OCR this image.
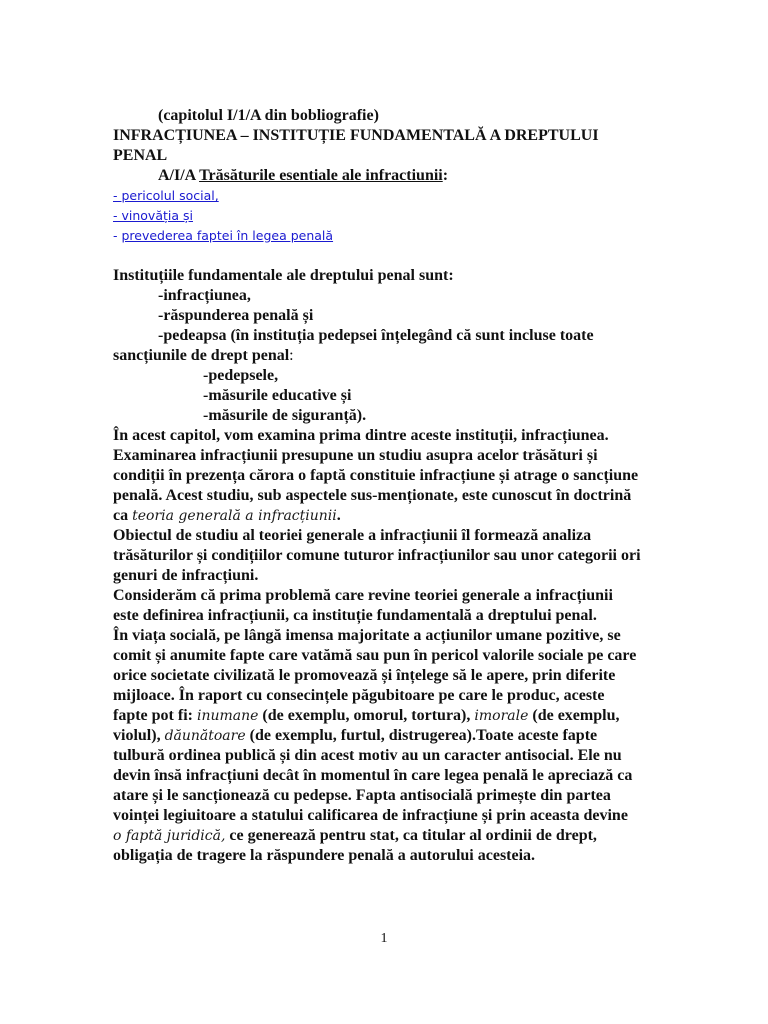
(capitolul I/1/A din bobliografie)

INFRACȚIUNEA – INSTITUȚIE FUNDAMENTALĂ A DREPTULUI

PENAL

A/I/A Trăsăturile esentiale ale infractiunii:

- pericolul social,

- vinovăția și

- prevederea faptei în legea penală

Instituțiile fundamentale ale dreptului penal sunt:

-infracțiunea,

-răspunderea penală și

-pedeapsa (în instituția pedepsei înțelegând că sunt incluse toate

sancțiunile de drept penal:

-pedepsele,

-măsurile educative și

-măsurile de siguranță).

În acest capitol, vom examina prima dintre aceste instituții, infracțiunea.

Examinarea infracțiunii presupune un studiu asupra acelor trăsături și

condiții în prezența cărora o faptă constituie infracțiune și atrage o sancțiune

penală. Acest studiu, sub aspectele sus-menționate, este cunoscut în doctrină

ca teoria generală a infracțiunii.

Obiectul de studiu al teoriei generale a infracțiunii îl formează analiza

trăsăturilor și condițiilor comune tuturor infracțiunilor sau unor categorii ori

genuri de infracțiuni.

Considerăm că prima problemă care revine teoriei generale a infracțiunii

este definirea infracțiunii, ca instituție fundamentală a dreptului penal.

În viața socială, pe lângă imensa majoritate a acțiunilor umane pozitive, se

comit și anumite fapte care vatămă sau pun în pericol valorile sociale pe care

orice societate civilizată le promovează și înțelege să le apere, prin diferite

mijloace. În raport cu consecințele păgubitoare pe care le produc, aceste

fapte pot fi: inumane (de exemplu, omorul, tortura), imorale (de exemplu,

violul), dăunătoare (de exemplu, furtul, distrugerea).Toate aceste fapte

tulbură ordinea publică și din acest motiv au un caracter antisocial. Ele nu

devin însă infracțiuni decât în momentul în care legea penală le apreciază ca

atare și le sancționează cu pedepse. Fapta antisocială primește din partea

voinței legiuitoare a statului calificarea de infracțiune și prin aceasta devine

o faptă juridică, ce generează pentru stat, ca titular al ordinii de drept,

obligația de tragere la răspundere penală a autorului acesteia.

1
